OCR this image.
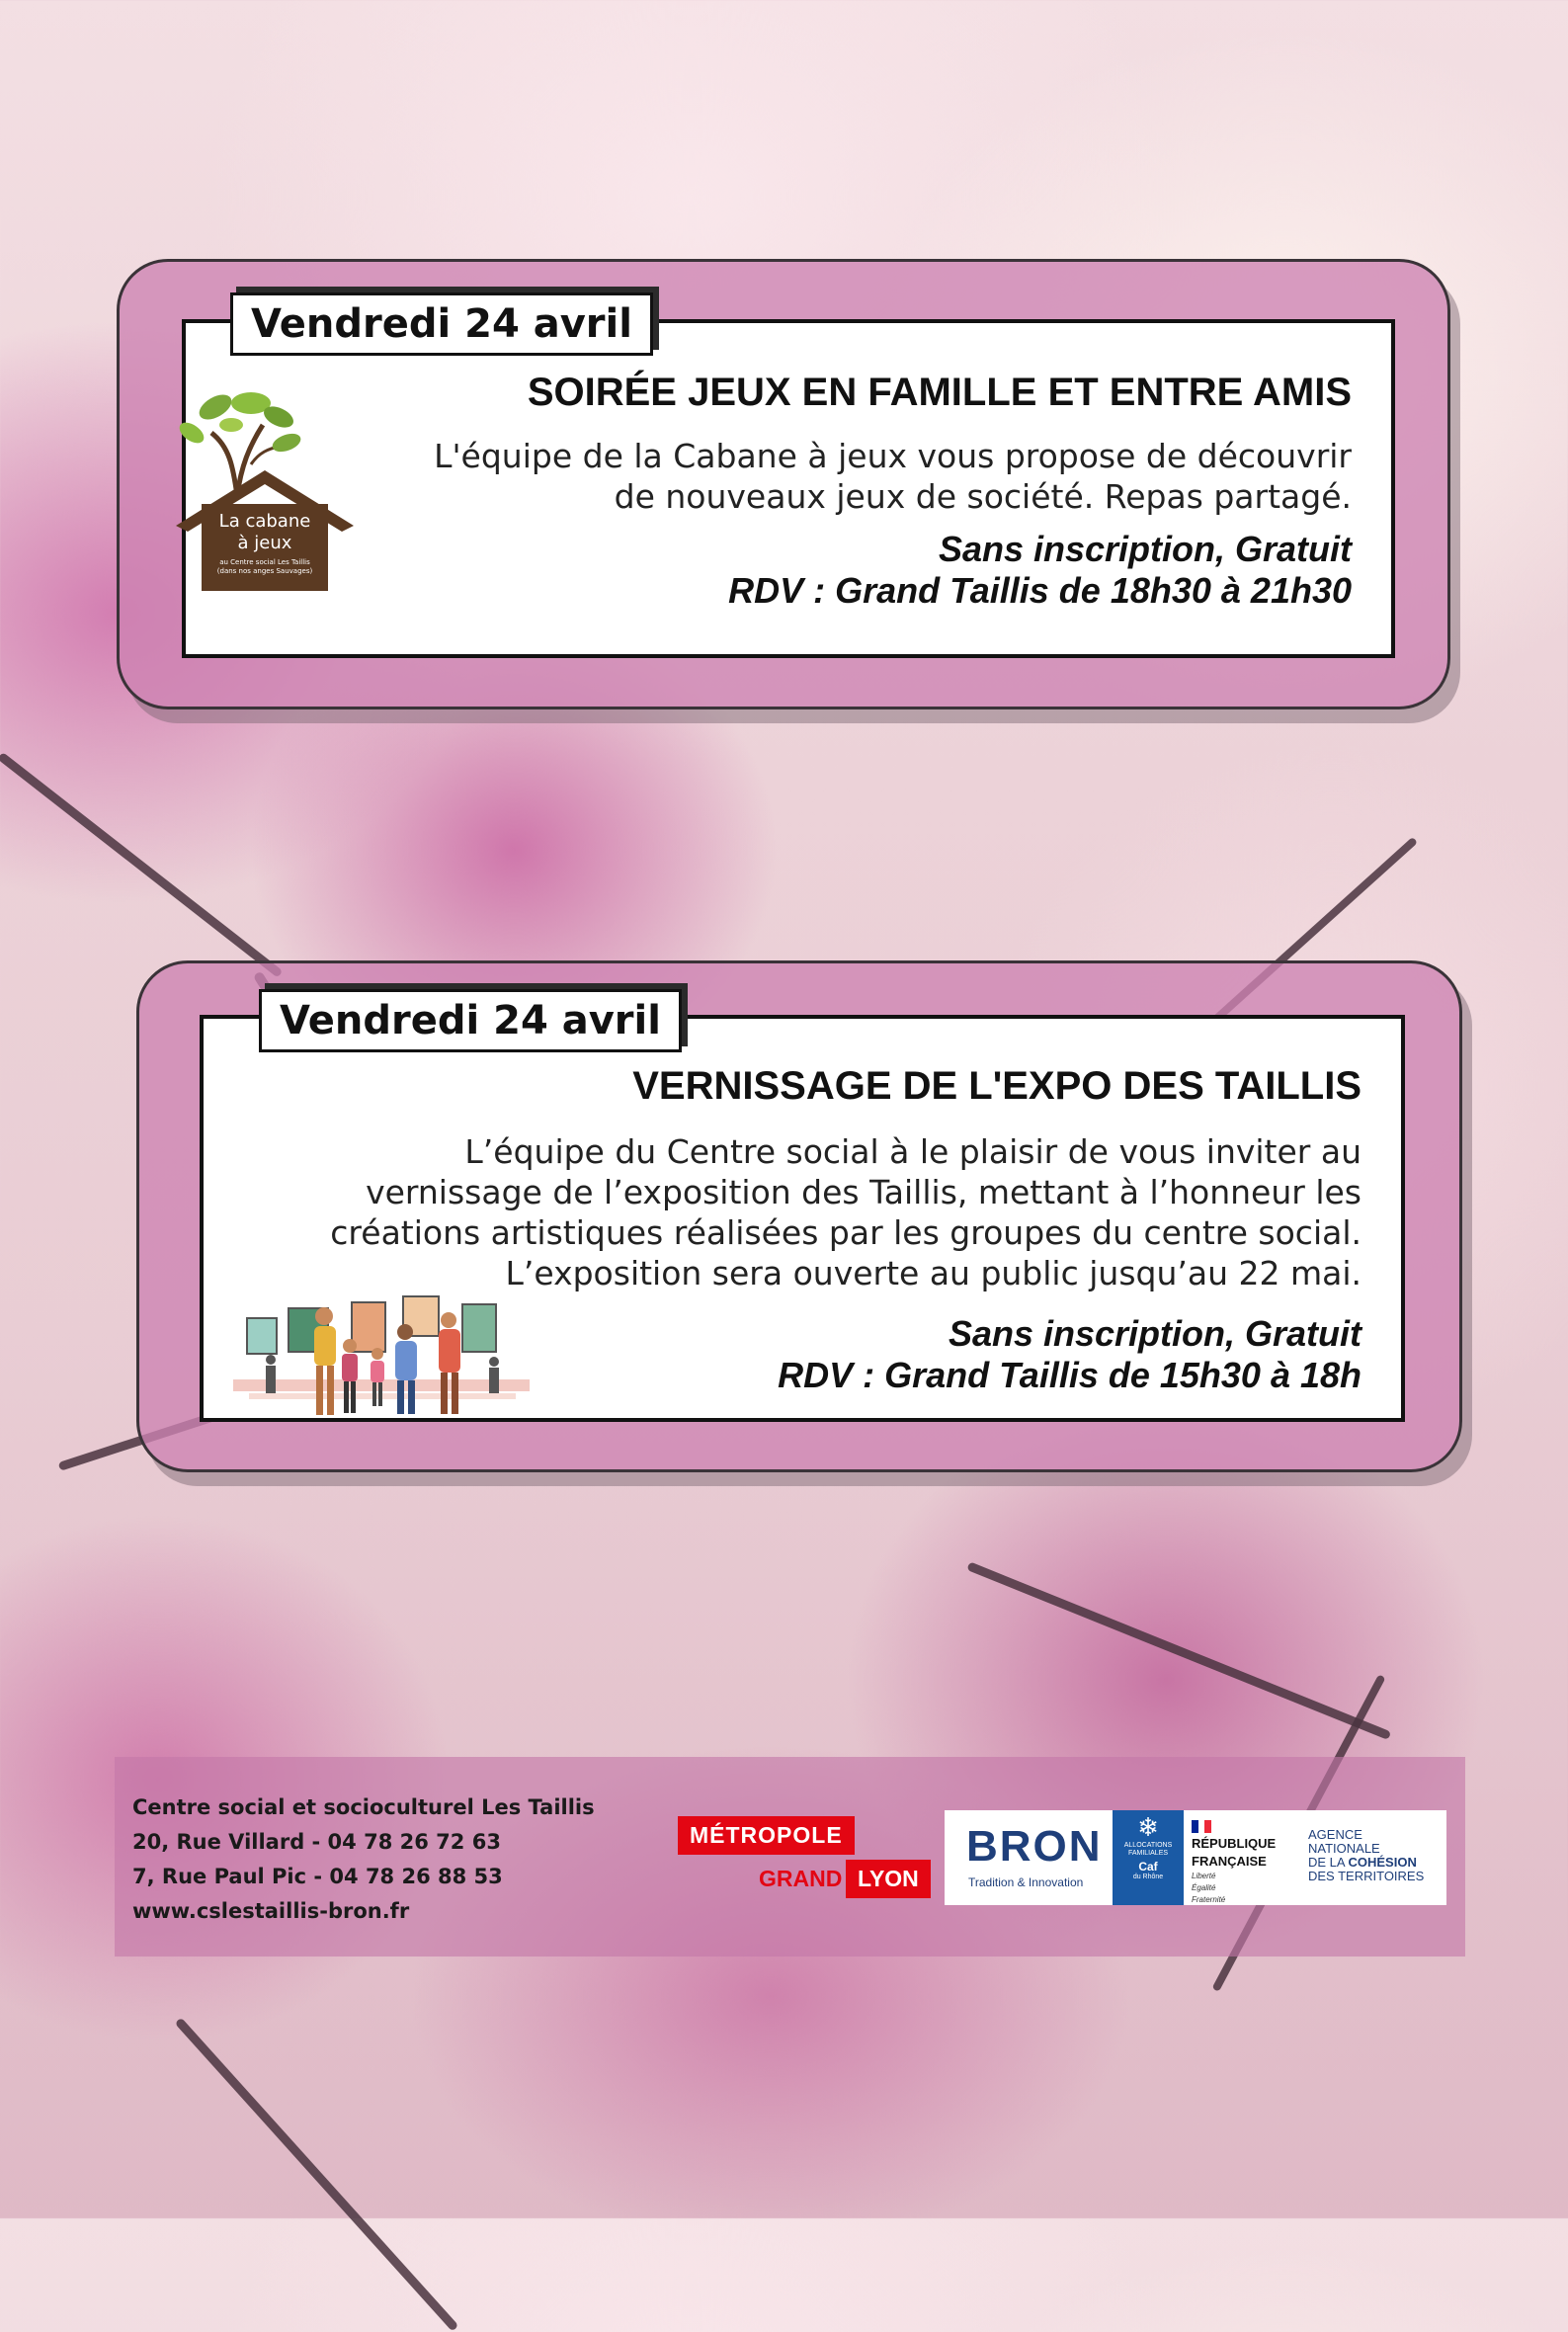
SOIRÉE JEUX EN FAMILLE ET ENTRE AMIS
L'équipe de la Cabane à jeux vous propose de découvrir
de nouveaux jeux de société. Repas partagé.
Sans inscription, Gratuit
RDV : Grand Taillis de 18h30 à 21h30
Vendredi 24 avril
La cabane
à jeux
au Centre social Les Taillis
(dans nos anges Sauvages)
VERNISSAGE DE L'EXPO DES TAILLIS
L’équipe du Centre social à le plaisir de vous inviter au
vernissage de l’exposition des Taillis, mettant à l’honneur les
créations artistiques réalisées par les groupes du centre social.
L’exposition sera ouverte au public jusqu’au 22 mai.
Sans inscription, Gratuit
RDV : Grand Taillis de 15h30 à 18h
Vendredi 24 avril
Centre social et socioculturel Les Taillis
20, Rue Villard - 04 78 26 72 63
7, Rue Paul Pic - 04 78 26 88 53
www.cslestaillis-bron.fr
MÉTROPOLE
GRAND LYON
BRON
Tradition & Innovation
❄
ALLOCATIONS
FAMILIALES
Caf
du Rhône
RÉPUBLIQUE
FRANÇAISE
Liberté
Égalité
Fraternité
AGENCE
NATIONALE
DE LA COHÉSION
DES TERRITOIRES
